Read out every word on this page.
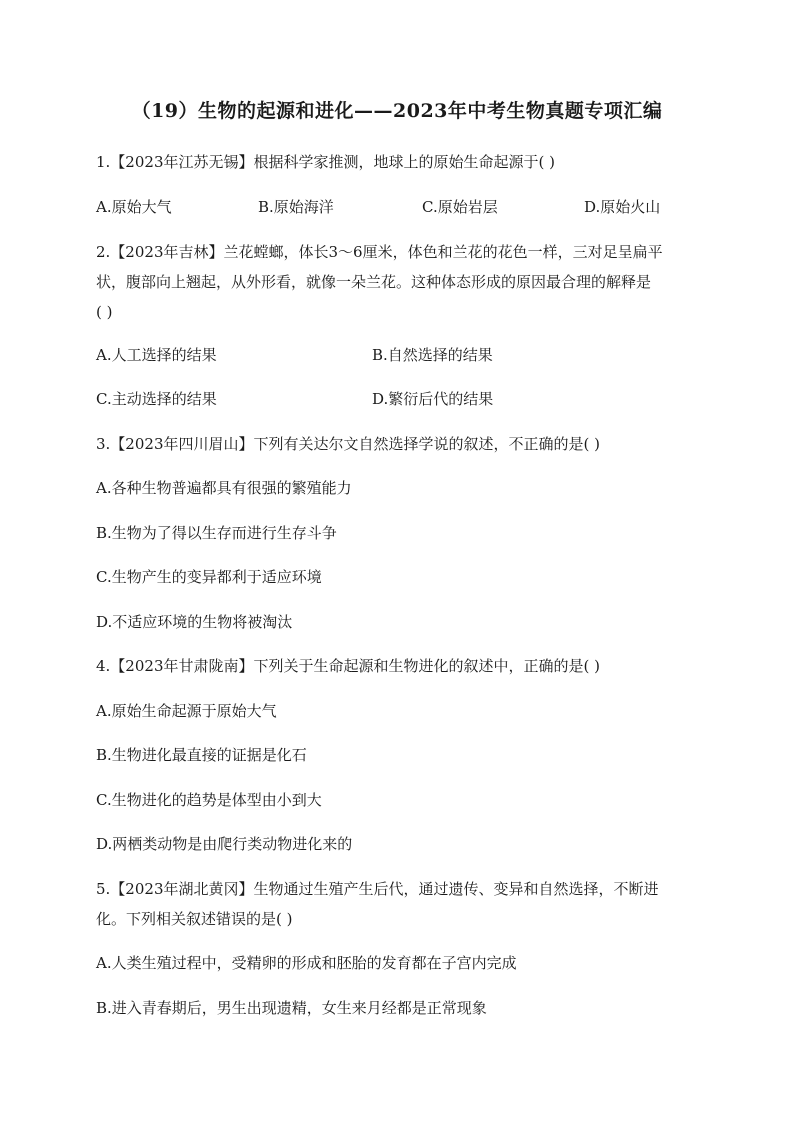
（19）生物的起源和进化——2023年中考生物真题专项汇编
1.【2023年江苏无锡】根据科学家推测，地球上的原始生命起源于( )
A.原始大气	B.原始海洋	C.原始岩层	D.原始火山
2.【2023年吉林】兰花螳螂，体长3～6厘米，体色和兰花的花色一样，三对足呈扁平
状，腹部向上翘起，从外形看，就像一朵兰花。这种体态形成的原因最合理的解释是
( )
A.人工选择的结果	B.自然选择的结果
C.主动选择的结果	D.繁衍后代的结果
3.【2023年四川眉山】下列有关达尔文自然选择学说的叙述，不正确的是( )
A.各种生物普遍都具有很强的繁殖能力
B.生物为了得以生存而进行生存斗争
C.生物产生的变异都利于适应环境
D.不适应环境的生物将被淘汰
4.【2023年甘肃陇南】下列关于生命起源和生物进化的叙述中，正确的是( )
A.原始生命起源于原始大气
B.生物进化最直接的证据是化石
C.生物进化的趋势是体型由小到大
D.两栖类动物是由爬行类动物进化来的
5.【2023年湖北黄冈】生物通过生殖产生后代，通过遗传、变异和自然选择，不断进
化。下列相关叙述错误的是( )
A.人类生殖过程中，受精卵的形成和胚胎的发育都在子宫内完成
B.进入青春期后，男生出现遗精，女生来月经都是正常现象
